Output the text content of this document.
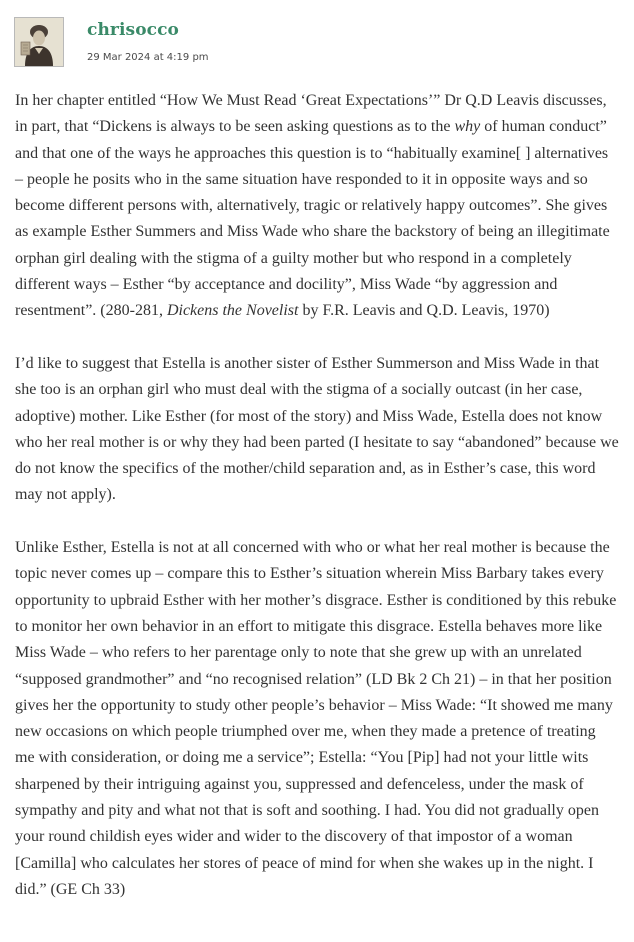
chrisocco
29 Mar 2024 at 4:19 pm

In her chapter entitled “How We Must Read ‘Great Expectations’” Dr Q.D Leavis discusses, in part, that “Dickens is always to be seen asking questions as to the why of human conduct” and that one of the ways he approaches this question is to “habitually examine[ ] alternatives – people he posits who in the same situation have responded to it in opposite ways and so become different persons with, alternatively, tragic or relatively happy outcomes”. She gives as example Esther Summers and Miss Wade who share the backstory of being an illegitimate orphan girl dealing with the stigma of a guilty mother but who respond in a completely different ways – Esther “by acceptance and docility”, Miss Wade “by aggression and resentment”. (280-281, Dickens the Novelist by F.R. Leavis and Q.D. Leavis, 1970)

I’d like to suggest that Estella is another sister of Esther Summerson and Miss Wade in that she too is an orphan girl who must deal with the stigma of a socially outcast (in her case, adoptive) mother. Like Esther (for most of the story) and Miss Wade, Estella does not know who her real mother is or why they had been parted (I hesitate to say “abandoned” because we do not know the specifics of the mother/child separation and, as in Esther’s case, this word may not apply).

Unlike Esther, Estella is not at all concerned with who or what her real mother is because the topic never comes up – compare this to Esther’s situation wherein Miss Barbary takes every opportunity to upbraid Esther with her mother’s disgrace. Esther is conditioned by this rebuke to monitor her own behavior in an effort to mitigate this disgrace. Estella behaves more like Miss Wade – who refers to her parentage only to note that she grew up with an unrelated “supposed grandmother” and “no recognised relation” (LD Bk 2 Ch 21) – in that her position gives her the opportunity to study other people’s behavior – Miss Wade: “It showed me many new occasions on which people triumphed over me, when they made a pretence of treating me with consideration, or doing me a service”; Estella: “You [Pip] had not your little wits sharpened by their intriguing against you, suppressed and defenceless, under the mask of sympathy and pity and what not that is soft and soothing. I had. You did not gradually open your round childish eyes wider and wider to the discovery of that impostor of a woman [Camilla] who calculates her stores of peace of mind for when she wakes up in the night. I did.” (GE Ch 33)
